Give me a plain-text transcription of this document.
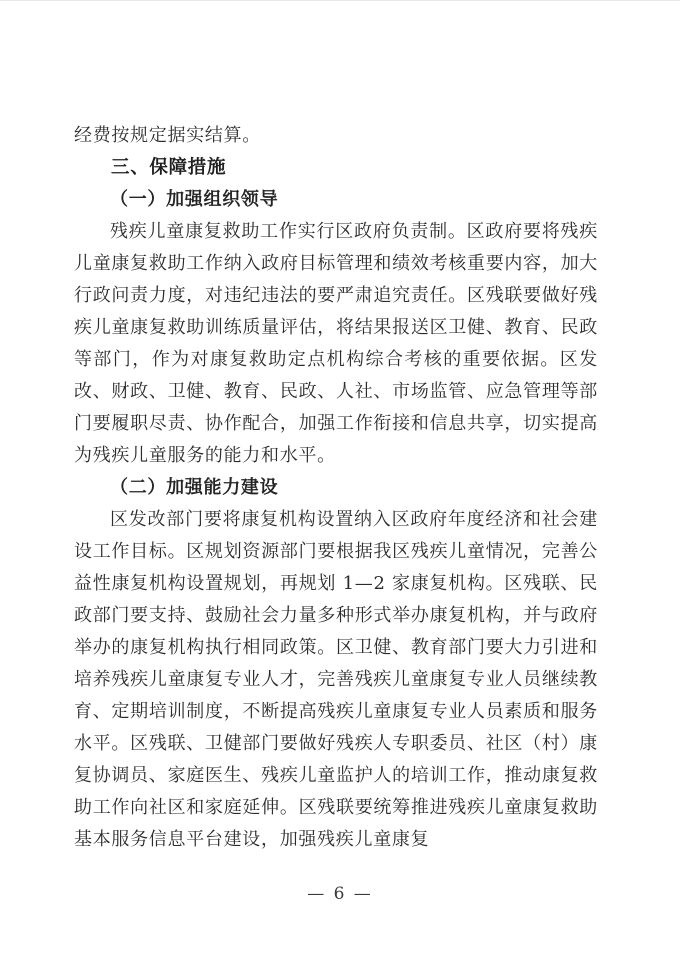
经费按规定据实结算。
三、保障措施
（一）加强组织领导
残疾儿童康复救助工作实行区政府负责制。区政府要将残疾儿童康复救助工作纳入政府目标管理和绩效考核重要内容，加大行政问责力度，对违纪违法的要严肃追究责任。区残联要做好残疾儿童康复救助训练质量评估，将结果报送区卫健、教育、民政等部门，作为对康复救助定点机构综合考核的重要依据。区发改、财政、卫健、教育、民政、人社、市场监管、应急管理等部门要履职尽责、协作配合，加强工作衔接和信息共享，切实提高为残疾儿童服务的能力和水平。
（二）加强能力建设
区发改部门要将康复机构设置纳入区政府年度经济和社会建设工作目标。区规划资源部门要根据我区残疾儿童情况，完善公益性康复机构设置规划，再规划 1—2 家康复机构。区残联、民政部门要支持、鼓励社会力量多种形式举办康复机构，并与政府举办的康复机构执行相同政策。区卫健、教育部门要大力引进和培养残疾儿童康复专业人才，完善残疾儿童康复专业人员继续教育、定期培训制度，不断提高残疾儿童康复专业人员素质和服务水平。区残联、卫健部门要做好残疾人专职委员、社区（村）康复协调员、家庭医生、残疾儿童监护人的培训工作，推动康复救助工作向社区和家庭延伸。区残联要统筹推进残疾儿童康复救助基本服务信息平台建设，加强残疾儿童康复
— 6 —
